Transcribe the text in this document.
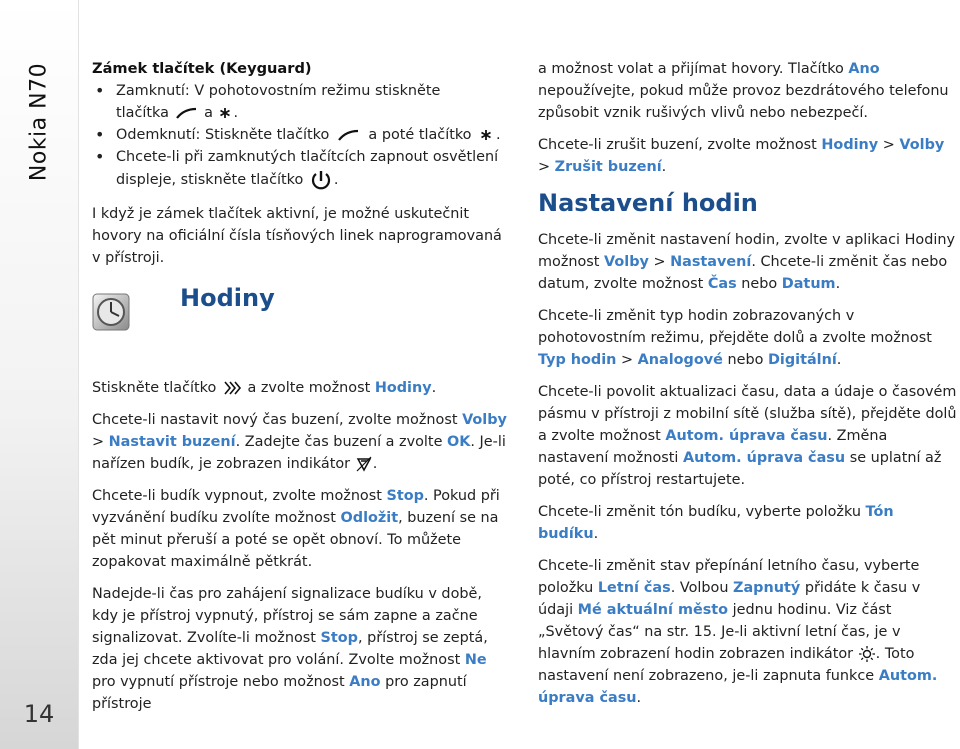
Nokia N70
14

Zámek tlačítek (Keyguard)

• Zamknutí: V pohotovostním režimu stiskněte
tlačítka a .
• Odemknutí: Stiskněte tlačítko	a poté tlačítko .
• Chcete-li při zamknutých tlačítcích zapnout osvětlení displeje, stiskněte tlačítko .

I když je zámek tlačítek aktivní, je možné uskutečnit hovory na oficiální čísla tísňových linek naprogramovaná v přístroji.

Hodiny

Stiskněte tlačítko a zvolte možnost Hodiny.

Chcete-li nastavit nový čas buzení, zvolte možnost Volby > Nastavit buzení. Zadejte čas buzení a zvolte OK. Je-li nařízen budík, je zobrazen indikátor .

Chcete-li budík vypnout, zvolte možnost Stop. Pokud při vyzvánění budíku zvolíte možnost Odložit, buzení se na pět minut přeruší a poté se opět obnoví. To můžete zopakovat maximálně pětkrát.

Nadejde-li čas pro zahájení signalizace budíku v době, kdy je přístroj vypnutý, přístroj se sám zapne a začne signalizovat. Zvolíte-li možnost Stop, přístroj se zeptá, zda jej chcete aktivovat pro volání. Zvolte možnost Ne pro vypnutí přístroje nebo možnost Ano pro zapnutí přístroje

a možnost volat a přijímat hovory. Tlačítko Ano nepoužívejte, pokud může provoz bezdrátového telefonu způsobit vznik rušivých vlivů nebo nebezpečí.

Chcete-li zrušit buzení, zvolte možnost Hodiny > Volby > Zrušit buzení.

Nastavení hodin

Chcete-li změnit nastavení hodin, zvolte v aplikaci Hodiny možnost Volby > Nastavení. Chcete-li změnit čas nebo datum, zvolte možnost Čas nebo Datum.

Chcete-li změnit typ hodin zobrazovaných v pohotovostním režimu, přejděte dolů a zvolte možnost Typ hodin > Analogové nebo Digitální.

Chcete-li povolit aktualizaci času, data a údaje o časovém pásmu v přístroji z mobilní sítě (služba sítě), přejděte dolů a zvolte možnost Autom. úprava času. Změna nastavení možnosti Autom. úprava času se uplatní až poté, co přístroj restartujete.

Chcete-li změnit tón budíku, vyberte položku Tón budíku.

Chcete-li změnit stav přepínání letního času, vyberte položku Letní čas. Volbou Zapnutý přidáte k času v údaji Mé aktuální město jednu hodinu. Viz část „Světový čas“ na str. 15. Je-li aktivní letní čas, je v hlavním zobrazení hodin zobrazen indikátor . Toto nastavení není zobrazeno, je-li zapnuta funkce Autom. úprava času.
